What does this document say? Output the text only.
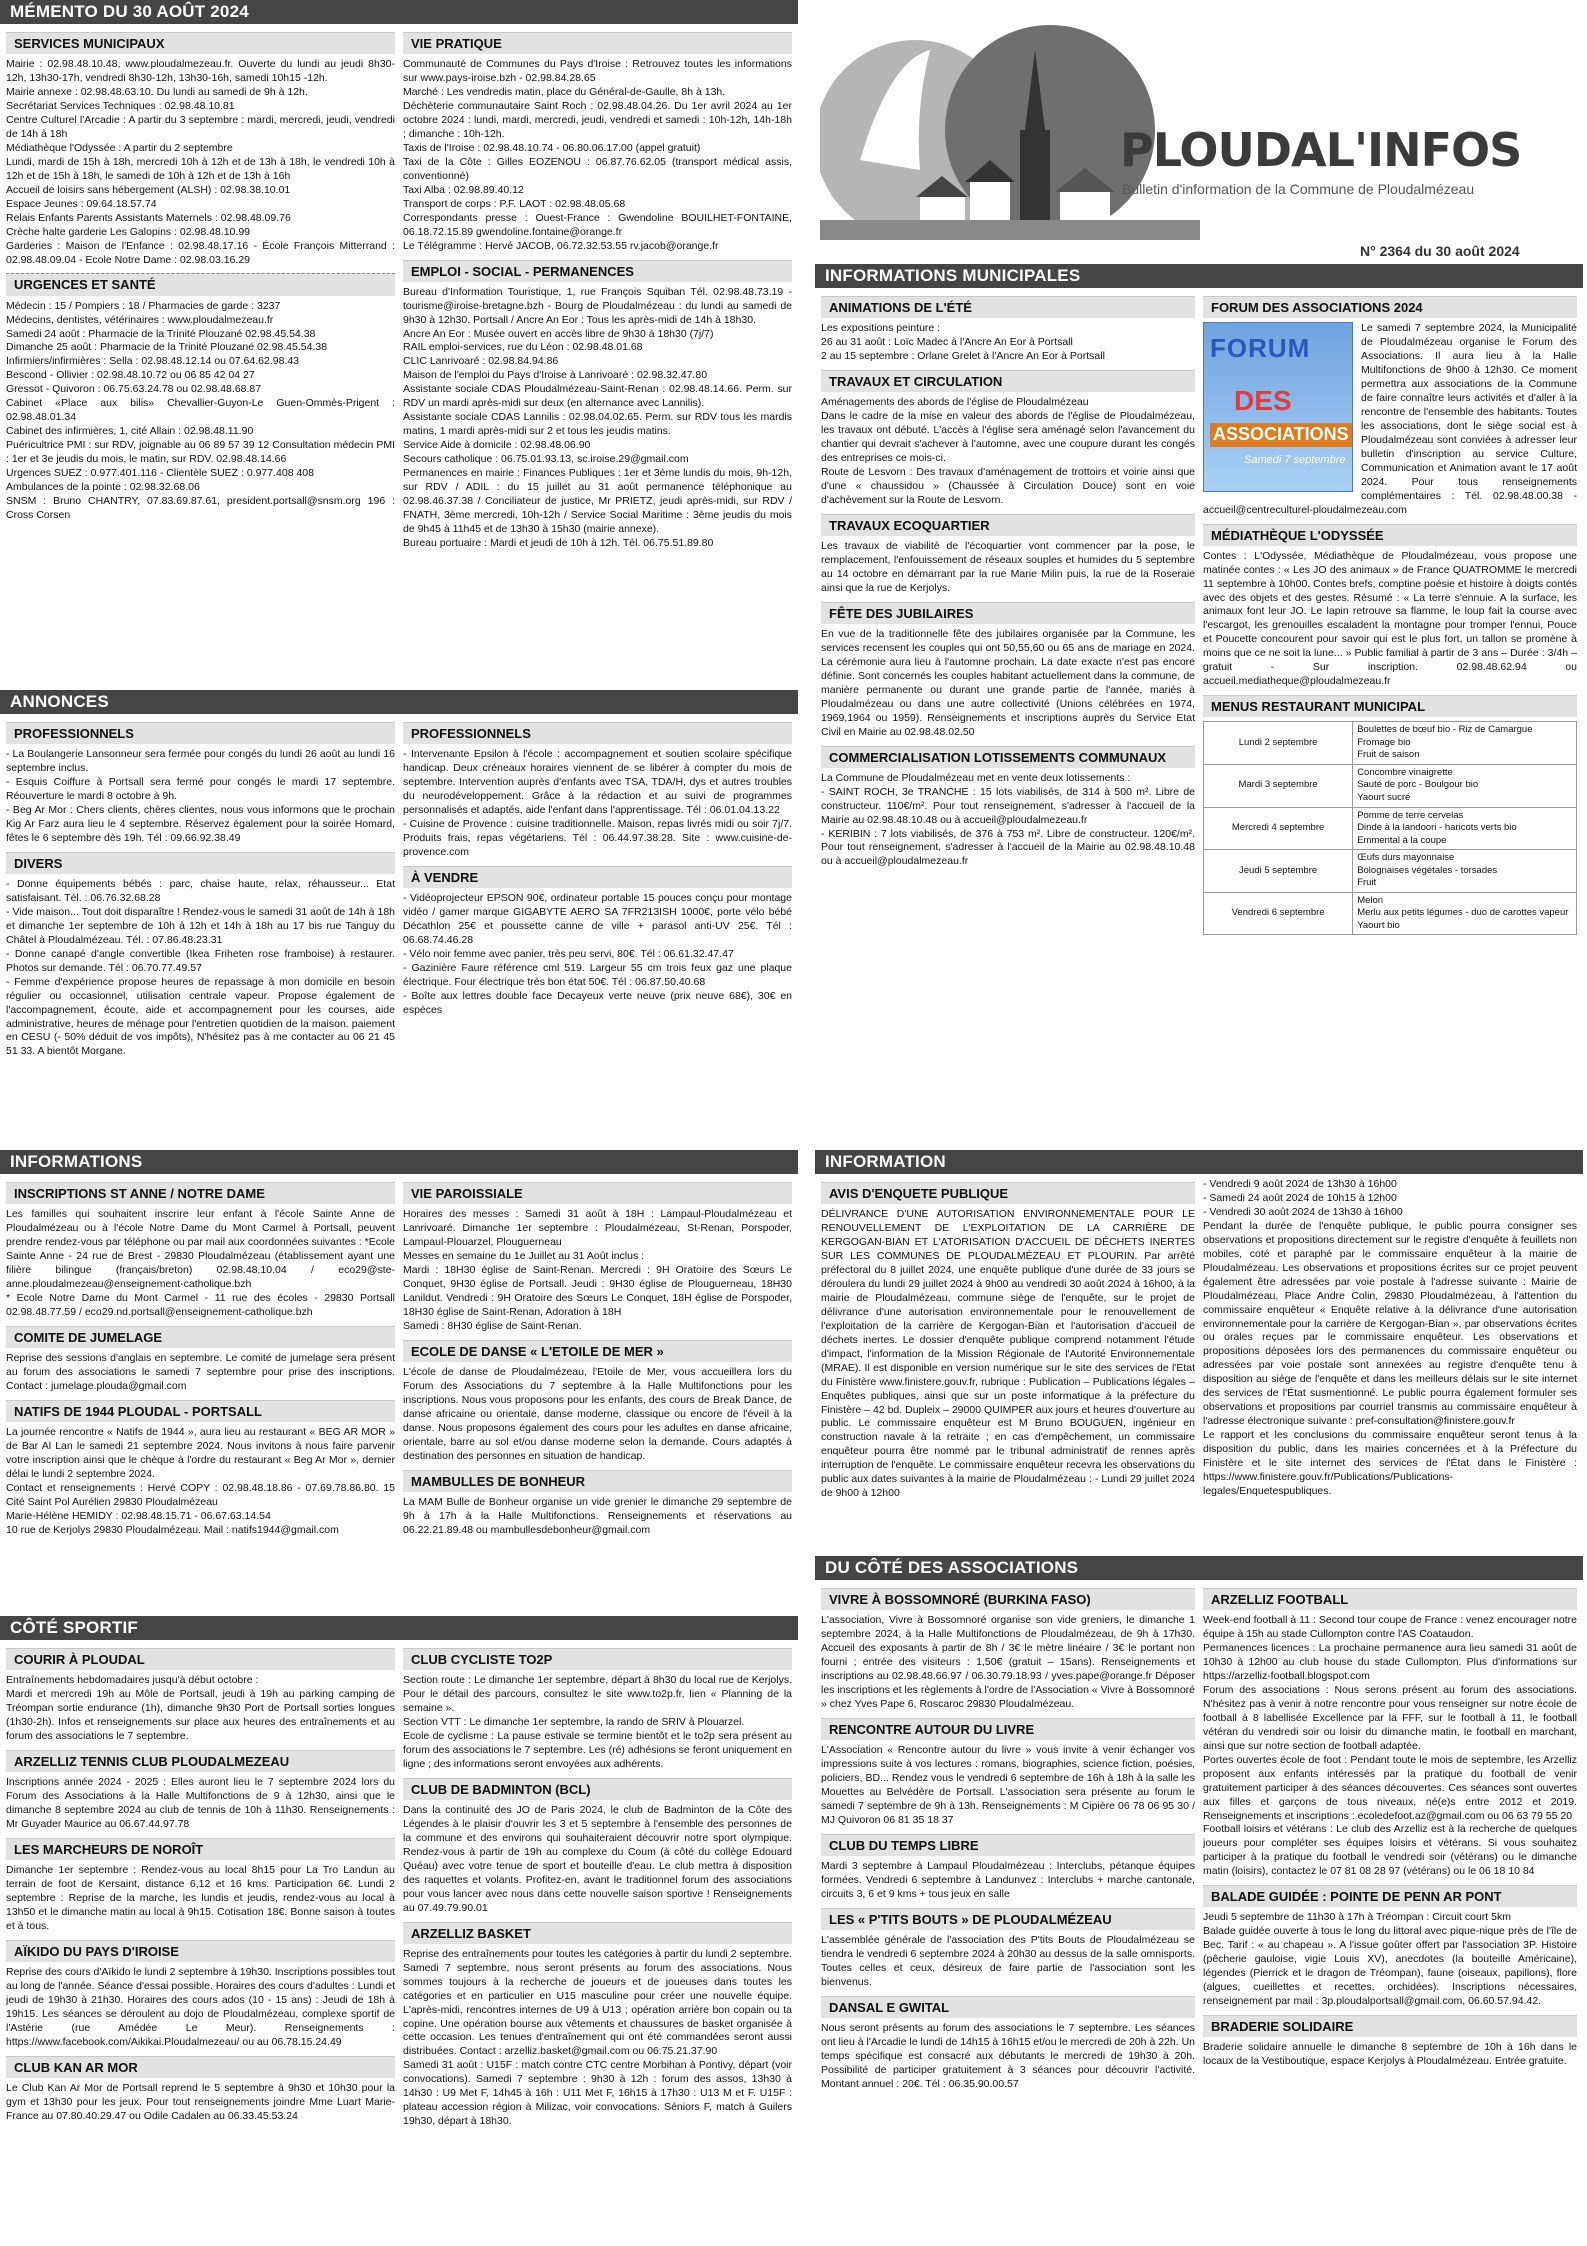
MÉMENTO DU 30 AOÛT 2024
SERVICES MUNICIPAUX
Mairie : 02.98.48.10.48, www.ploudalmezeau.fr. Ouverte du lundi au jeudi 8h30-12h, 13h30-17h, vendredi 8h30-12h, 13h30-16h, samedi 10h15 -12h.
Mairie annexe : 02.98.48.63.10. Du lundi au samedi de 9h à 12h.
Secrétariat Services Techniques : 02.98.48.10.81
Centre Culturel l'Arcadie : A partir du 3 septembre : mardi, mercredi, jeudi, vendredi de 14h à 18h
Médiathèque l'Odyssée : A partir du 2 septembre
Lundi, mardi de 15h à 18h, mercredi 10h à 12h et de 13h à 18h, le vendredi 10h à 12h et de 15h à 18h, le samedi de 10h à 12h et de 13h à 16h
Accueil de loisirs sans hébergement (ALSH) : 02.98.38.10.01
Espace Jeunes : 09.64.18.57.74
Relais Enfants Parents Assistants Maternels : 02.98.48.09.76
Crèche halte garderie Les Galopins : 02.98.48.10.99
Garderies : Maison de l'Enfance : 02.98.48.17.16 - École François Mitterrand : 02.98.48.09.04 - Ecole Notre Dame : 02.98.03.16.29
URGENCES ET SANTÉ
Médecin : 15 / Pompiers : 18 / Pharmacies de garde : 3237
Médecins, dentistes, vétérinaires : www.ploudalmezeau.fr
Samedi 24 août : Pharmacie de la Trinité Plouzané 02.98.45.54.38
Dimanche 25 août : Pharmacie de la Trinité Plouzané 02.98.45.54.38
Infirmiers/infirmières : Sella : 02.98.48.12.14 ou 07.64.62.98.43
Bescond - Ollivier : 02.98.48.10.72 ou 06 85 42 04 27
Gressot - Quivoron : 06.75.63.24.78 ou 02.98.48.68.87
Cabinet «Place aux bilis» Chevallier-Guyon-Le Guen-Ommès-Prigent : 02.98.48.01.34
Cabinet des infirmières, 1, cité Allain : 02.98.48.11.90
Puéricultrice PMI : sur RDV, joignable au 06 89 57 39 12 Consultation médecin PMI : 1er et 3e jeudis du mois, le matin, sur RDV. 02.98.48.14.66
Urgences SUEZ : 0.977.401.116 - Clientèle SUEZ : 0.977.408 408
Ambulances de la pointe : 02.98.32.68.06
SNSM : Bruno CHANTRY, 07.83.69.87.61, president.portsall@snsm.org 196 : Cross Corsen
VIE PRATIQUE
Communauté de Communes du Pays d'Iroise : Retrouvez toutes les informations sur www.pays-iroise.bzh - 02.98.84.28.65
Marché : Les vendredis matin, place du Général-de-Gaulle, 8h à 13h.
Déchèterie communautaire Saint Roch : 02.98.48.04.26. Du 1er avril 2024 au 1er octobre 2024 : lundi, mardi, mercredi, jeudi, vendredi et samedi : 10h-12h, 14h-18h ; dimanche : 10h-12h.
Taxis de l'Iroise : 02.98.48.10.74 - 06.80.06.17.00 (appel gratuit)
Taxi de la Côte : Gilles EOZENOU : 06.87.76.62.05 (transport médical assis, conventionné)
Taxi Alba : 02.98.89.40.12
Transport de corps : P.F. LAOT : 02.98.48.05.68
Correspondants presse : Ouest-France : Gwendoline BOUILHET-FONTAINE, 06.18.72.15.89 gwendoline.fontaine@orange.fr
Le Télégramme : Hervé JACOB, 06.72.32.53.55 rv.jacob@orange.fr
EMPLOI - SOCIAL - PERMANENCES
Bureau d'Information Touristique, 1, rue François Squiban Tél. 02.98.48.73.19 - tourisme@iroise-bretagne.bzh - Bourg de Ploudalmézeau : du lundi au samedi de 9h30 à 12h30. Portsall / Ancre An Eor : Tous les après-midi de 14h à 18h30.
Ancre An Eor : Musée ouvert en accès libre de 9h30 à 18h30 (7j/7)
RAIL emploi-services, rue du Léon : 02.98.48.01.68
CLIC Lanrivoaré : 02.98.84.94.86
Maison de l'emploi du Pays d'Iroise à Lanrivoaré : 02.98.32.47.80
Assistante sociale CDAS Ploudalmézeau-Saint-Renan : 02.98.48.14.66. Perm. sur RDV un mardi après-midi sur deux (en alternance avec Lannilis).
Assistante sociale CDAS Lannilis : 02.98.04.02.65. Perm. sur RDV tous les mardis matins, 1 mardi après-midi sur 2 et tous les jeudis matins.
Service Aide à domicile : 02.98.48.06.90
Secours catholique : 06.75.01.93.13, sc.iroise.29@gmail.com
Permanences en mairie : Finances Publiques : 1er et 3ème lundis du mois, 9h-12h, sur RDV / ADIL : du 15 juillet au 31 août permanence téléphonique au 02.98.46.37.38 / Conciliateur de justice, Mr PRIETZ, jeudi après-midi, sur RDV / FNATH, 3ème mercredi, 10h-12h / Service Social Maritime : 3ème jeudis du mois de 9h45 à 11h45 et de 13h30 à 15h30 (mairie annexe).
Bureau portuaire : Mardi et jeudi de 10h à 12h. Tél. 06.75.51.89.80
ANNONCES
PROFESSIONNELS
- La Boulangerie Lansonneur sera fermée pour congés du lundi 26 août au lundi 16 septembre inclus.
- Esquis Coiffure à Portsall sera fermé pour congés le mardi 17 septembre. Réouverture le mardi 8 octobre à 9h.
- Beg Ar Mor : Chers clients, chères clientes, nous vous informons que le prochain Kig Ar Farz aura lieu le 4 septembre. Réservez également pour la soirée Homard, fêtes le 6 septembre dès 19h. Tél : 09.66.92.38.49
DIVERS
- Donne équipements bébés : parc, chaise haute, relax, réhausseur... Etat satisfaisant. Tél. : 06.76.32.68.28
- Vide maison... Tout doit disparaître ! Rendez-vous le samedi 31 août de 14h à 18h et dimanche 1er septembre de 10h à 12h et 14h à 18h au 17 bis rue Tanguy du Châtel à Ploudalmézeau. Tél. : 07.86.48.23.31
- Donne canapé d'angle convertible (Ikea Friheten rose framboise) à restaurer. Photos sur demande. Tél : 06.70.77.49.57
- Femme d'expérience propose heures de repassage à mon domicile en besoin régulier ou occasionnel, utilisation centrale vapeur. Propose également de l'accompagnement, écoute, aide et accompagnement pour les courses, aide administrative, heures de ménage pour l'entretien quotidien de la maison. paiement en CESU (- 50% déduit de vos impôts), N'hésitez pas à me contacter au 06 21 45 51 33. A bientôt Morgane.
PROFESSIONNELS
- Intervenante Epsilon à l'école : accompagnement et soutien scolaire spécifique handicap. Deux créneaux horaires viennent de se libérer à compter du mois de septembre. Intervention auprès d'enfants avec TSA, TDA/H, dys et autres troubles du neurodéveloppement. Grâce à la rédaction et au suivi de programmes personnalisés et adaptés, aide l'enfant dans l'apprentissage. Tél : 06.01.04.13.22
- Cuisine de Provence : cuisine traditionnelle. Maison, repas livrés midi ou soir 7j/7. Produits frais, repas végétariens. Tél : 06.44.97.38.28. Site : www.cuisine-de-provence.com
À VENDRE
- Vidéoprojecteur EPSON 90€, ordinateur portable 15 pouces conçu pour montage vidéo / gamer marque GIGABYTE AERO SA 7FR213ISH 1000€, porte vélo bébé Décathlon 25€ et poussette canne de ville + parasol anti-UV 25€. Tél : 06.68.74.46.28
- Vélo noir femme avec panier, très peu servi, 80€. Tél : 06.61.32.47.47
- Gazinière Faure référence cml 519. Largeur 55 cm trois feux gaz une plaque électrique. Four électrique très bon état 50€. Tél : 06.87.50.40.68
- Boîte aux lettres double face Decayeux verte neuve (prix neuve 68€), 30€ en espèces
PLOUDAL'INFOS
Bulletin d'information de la Commune de Ploudalmézeau
N° 2364 du 30 août 2024
INFORMATIONS MUNICIPALES
ANIMATIONS DE L'ÉTÉ
Les expositions peinture :
26 au 31 août : Loïc Madec à l'Ancre An Eor à Portsall
2 au 15 septembre : Orlane Grelet à l'Ancre An Eor à Portsall
TRAVAUX ET CIRCULATION
Aménagements des abords de l'église de Ploudalmézeau
Dans le cadre de la mise en valeur des abords de l'église de Ploudalmézeau, les travaux ont débuté. L'accès à l'église sera aménagé selon l'avancement du chantier qui devrait s'achever à l'automne, avec une coupure durant les congés des entreprises ce mois-ci.
Route de Lesvorn : Des travaux d'aménagement de trottoirs et voirie ainsi que d'une « chaussidou » (Chaussée à Circulation Douce) sont en voie d'achèvement sur la Route de Lesvorn.
TRAVAUX ECOQUARTIER
Les travaux de viabilité de l'écoquartier vont commencer par la pose, le remplacement, l'enfouissement de réseaux souples et humides du 5 septembre au 14 octobre en démarrant par la rue Marie Milin puis, la rue de la Roseraie ainsi que la rue de Kerjolys.
FÊTE DES JUBILAIRES
En vue de la traditionnelle fête des jubilaires organisée par la Commune, les services recensent les couples qui ont 50,55,60 ou 65 ans de mariage en 2024. La cérémonie aura lieu à l'automne prochain. La date exacte n'est pas encore définie. Sont concernés les couples habitant actuellement dans la commune, de manière permanente ou durant une grande partie de l'année, mariés à Ploudalmézeau ou dans une autre collectivité (Unions célébrées en 1974, 1969,1964 ou 1959). Renseignements et inscriptions auprès du Service Etat Civil en Mairie au 02.98.48.02.50
COMMERCIALISATION LOTISSEMENTS COMMUNAUX
La Commune de Ploudalmézeau met en vente deux lotissements :
- SAINT ROCH, 3e TRANCHE : 15 lots viabilisés, de 314 à 500 m². Libre de constructeur. 110€/m². Pour tout renseignement, s'adresser à l'accueil de la Mairie au 02.98.48.10.48 ou à accueil@ploudalmezeau.fr
- KERIBIN : 7 lots viabilisés, de 376 à 753 m². Libre de constructeur. 120€/m². Pour tout renseignement, s'adresser à l'accueil de la Mairie au 02.98.48.10.48 ou à accueil@ploudalmezeau.fr
FORUM DES ASSOCIATIONS 2024
FORUM
DES
ASSOCIATIONS
Samedi 7 septembre
Le samedi 7 septembre 2024, la Municipalité de Ploudalmézeau organise le Forum des Associations. Il aura lieu à la Halle Multifonctions de 9h00 à 12h30. Ce moment permettra aux associations de la Commune de faire connaître leurs activités et d'aller à la rencontre de l'ensemble des habitants. Toutes les associations, dont le siège social est à Ploudalmézeau sont conviées à adresser leur bulletin d'inscription au service Culture, Communication et Animation avant le 17 août 2024. Pour tous renseignements complémentaires : Tél. 02.98.48.00.38 - accueil@centreculturel-ploudalmezeau.com
MÉDIATHÈQUE L'ODYSSÉE
Contes : L'Odyssée, Médiathèque de Ploudalmézeau, vous propose une matinée contes : « Les JO des animaux » de France QUATROMME le mercredi 11 septembre à 10h00. Contes brefs, comptine poésie et histoire à doigts contés avec des objets et des gestes. Résumé : « La terre s'ennuie. A la surface, les animaux font leur JO. Le lapin retrouve sa flamme, le loup fait la course avec l'escargot, les grenouilles escaladent la montagne pour tromper l'ennui, Pouce et Poucette concourent pour savoir qui est le plus fort, un tallon se promène à moins que ce ne soit la lune... » Public familial à partir de 3 ans – Durée : 3/4h – gratuit - Sur inscription. 02.98.48.62.94 ou accueil.mediatheque@ploudalmezeau.fr
MENUS RESTAURANT MUNICIPAL
Lundi 2 septembre	Boulettes de bœuf bio - Riz de Camargue
Fromage bio
Fruit de saison
Mardi 3 septembre	Concombre vinaigrette
Sauté de porc - Boulgour bio
Yaourt sucré
Mercredi 4 septembre	Pomme de terre cervelas
Dinde à la landoori - haricots verts bio
Emmental à la coupe
Jeudi 5 septembre	Œufs durs mayonnaise
Bolognaises végétales - torsades
Fruit
Vendredi 6 septembre	Melon
Merlu aux petits légumes - duo de carottes vapeur
Yaourt bio
INFORMATIONS
INSCRIPTIONS ST ANNE / NOTRE DAME
Les familles qui souhaitent inscrire leur enfant à l'école Sainte Anne de Ploudalmézeau ou à l'école Notre Dame du Mont Carmel à Portsall, peuvent prendre rendez-vous par téléphone ou par mail aux coordonnées suivantes : *Ecole Sainte Anne - 24 rue de Brest - 29830 Ploudalmézeau (établissement ayant une filière bilingue (français/breton) 02.98.48.10.04 / eco29@ste-anne.ploudalmezeau@enseignement-catholique.bzh
* Ecole Notre Dame du Mont Carmel - 11 rue des écoles - 29830 Portsall 02.98.48.77.59 / eco29.nd.portsall@enseignement-catholique.bzh
COMITE DE JUMELAGE
Reprise des sessions d'anglais en septembre. Le comité de jumelage sera présent au forum des associations le samedi 7 septembre pour prise des inscriptions. Contact : jumelage.plouda@gmail.com
NATIFS DE 1944 PLOUDAL - PORTSALL
La journée rencontre « Natifs de 1944 », aura lieu au restaurant « BEG AR MOR » de Bar Al Lan le samedi 21 septembre 2024. Nous invitons à nous faire parvenir votre inscription ainsi que le chèque à l'ordre du restaurant « Beg Ar Mor », dernier délai le lundi 2 septembre 2024.
Contact et renseignements : Hervé COPY : 02.98.48.18.86 - 07.69.78.86.80. 15 Cité Saint Pol Aurélien 29830 Ploudalmézeau
Marie-Hélène HEMIDY : 02.98.48.15.71 - 06.67.63.14.54
10 rue de Kerjolys 29830 Ploudalmézeau. Mail : natifs1944@gmail.com
VIE PAROISSIALE
Horaires des messes : Samedi 31 août à 18H : Lampaul-Ploudalmézeau et Lanrivoaré. Dimanche 1er septembre : Ploudalmézeau, St-Renan, Porspoder, Lampaul-Plouarzel, Plouguerneau
Messes en semaine du 1e Juillet au 31 Août inclus :
Mardi : 18H30 église de Saint-Renan. Mercredi : 9H Oratoire des Sœurs Le Conquet, 9H30 église de Portsall. Jeudi : 9H30 église de Plouguerneau, 18H30 Lanildut. Vendredi : 9H Oratoire des Sœurs Le Conquet, 18H église de Porspoder, 18H30 église de Saint-Renan, Adoration à 18H
Samedi : 8H30 église de Saint-Renan.
ECOLE DE DANSE « L'ETOILE DE MER »
L'école de danse de Ploudalmézeau, l'Etoile de Mer, vous accueillera lors du Forum des Associations du 7 septembre à la Halle Multifonctions pour les inscriptions. Nous vous proposons pour les enfants, des cours de Break Dance, de danse africaine ou orientale, danse moderne, classique ou encore de l'éveil à la danse. Nous proposons également des cours pour les adultes en danse africaine, orientale, barre au sol et/ou danse moderne selon la demande. Cours adaptés à destination des personnes en situation de handicap.
MAMBULLES DE BONHEUR
La MAM Bulle de Bonheur organise un vide grenier le dimanche 29 septembre de 9h à 17h à la Halle Multifonctions. Renseignements et réservations au 06.22.21.89.48 ou mambullesdebonheur@gmail.com
CÔTÉ SPORTIF
COURIR À PLOUDAL
Entraînements hebdomadaires jusqu'à début octobre :
Mardi et mercredi 19h au Môle de Portsall, jeudi à 19h au parking camping de Tréompan sortie endurance (1h), dimanche 9h30 Port de Portsall sorties longues (1h30-2h). Infos et renseignements sur place aux heures des entraînements et au forum des associations le 7 septembre.
ARZELLIZ TENNIS CLUB PLOUDALMEZEAU
Inscriptions année 2024 - 2025 : Elles auront lieu le 7 septembre 2024 lors du Forum des Associations à la Halle Multifonctions de 9 à 12h30, ainsi que le dimanche 8 septembre 2024 au club de tennis de 10h à 11h30. Renseignements : Mr Guyader Maurice au 06.67.44.97.78
LES MARCHEURS DE NOROÎT
Dimanche 1er septembre : Rendez-vous au local 8h15 pour La Tro Landun au terrain de foot de Kersaint, distance 6,12 et 16 kms. Participation 6€. Lundi 2 septembre : Reprise de la marche, les lundis et jeudis, rendez-vous au local à 13h50 et le dimanche matin au local à 9h15. Cotisation 18€. Bonne saison à toutes et à tous.
AÏKIDO DU PAYS D'IROISE
Reprise des cours d'Aïkido le lundi 2 septembre à 19h30. Inscriptions possibles tout au long de l'année. Séance d'essai possible. Horaires des cours d'adultes : Lundi et jeudi de 19h30 à 21h30. Horaires des cours ados (10 - 15 ans) : Jeudi de 18h à 19h15. Les séances se déroulent au dojo de Ploudalmézeau, complexe sportif de l'Astérie (rue Amédée Le Meur). Renseignements : https://www.facebook.com/Aikikai.Ploudalmezeau/ ou au 06.78.15.24.49
CLUB KAN AR MOR
Le Club Kan Ar Mor de Portsall reprend le 5 septembre à 9h30 et 10h30 pour la gym et 13h30 pour les jeux. Pour tout renseignements joindre Mme Luart Marie-France au 07.80.40.29.47 ou Odile Cadalen au 06.33.45.53.24
CLUB CYCLISTE TO2P
Section route : Le dimanche 1er septembre, départ à 8h30 du local rue de Kerjolys. Pour le détail des parcours, consultez le site www.to2p.fr, lien « Planning de la semaine ».
Section VTT : Le dimanche 1er septembre, la rando de SRIV à Plouarzel.
Ecole de cyclisme : La pause estivale se termine bientôt et le to2p sera présent au forum des associations le 7 septembre. Les (ré) adhésions se feront uniquement en ligne ; des informations seront envoyées aux adhérents.
CLUB DE BADMINTON (BCL)
Dans la continuité des JO de Paris 2024, le club de Badminton de la Côte des Légendes à le plaisir d'ouvrir les 3 et 5 septembre à l'ensemble des personnes de la commune et des environs qui souhaiteraient découvrir notre sport olympique. Rendez-vous à partir de 19h au complexe du Coum (à côté du collège Edouard Quéau) avec votre tenue de sport et bouteille d'eau. Le club mettra à disposition des raquettes et volants. Profitez-en, avant le traditionnel forum des associations pour vous lancer avec nous dans cette nouvelle saison sportive ! Renseignements au 07.49.79.90.01
ARZELLIZ BASKET
Reprise des entraînements pour toutes les catégories à partir du lundi 2 septembre. Samedi 7 septembre, nous seront présents au forum des associations. Nous sommes toujours à la recherche de joueurs et de joueuses dans toutes les catégories et en particulier en U15 masculine pour créer une nouvelle équipe. L'après-midi, rencontres internes de U9 à U13 ; opération arrière bon copain ou ta copine. Une opération bourse aux vêtements et chaussures de basket organisée à cette occasion. Les tenues d'entraînement qui ont été commandées seront aussi distribuées. Contact : arzelliz.basket@gmail.com ou 06.75.21.37.90
Samedi 31 août : U15F : match contre CTC centre Morbihan à Pontivy, départ (voir convocations). Samedi 7 septembre : 9h30 à 12h : forum des assos, 13h30 à 14h30 : U9 Met F, 14h45 à 16h : U11 Met F, 16h15 à 17h30 : U13 M et F. U15F : plateau accession région à Milizac, voir convocations. Séniors F, match à Guilers 19h30, départ à 18h30.
INFORMATION
AVIS D'ENQUETE PUBLIQUE
DÉLIVRANCE D'UNE AUTORISATION ENVIRONNEMENTALE POUR LE RENOUVELLEMENT DE L'EXPLOITATION DE LA CARRIÈRE DE KERGOGAN-BIAN ET L'ATORISATION D'ACCUEIL DE DÉCHETS INERTES SUR LES COMMUNES DE PLOUDALMÉZEAU ET PLOURIN. Par arrêté préfectoral du 8 juillet 2024, une enquête publique d'une durée de 33 jours se déroulera du lundi 29 juillet 2024 à 9h00 au vendredi 30 août 2024 à 16h00, à la mairie de Ploudalmézeau, commune siège de l'enquête, sur le projet de délivrance d'une autorisation environnementale pour le renouvellement de l'exploitation de la carrière de Kergogan-Bian et l'autorisation d'accueil de déchets inertes. Le dossier d'enquête publique comprend notamment l'étude d'impact, l'information de la Mission Régionale de l'Autorité Environnementale (MRAE). Il est disponible en version numérique sur le site des services de l'Etat du Finistère www.finistere.gouv.fr, rubrique : Publication – Publications légales – Enquêtes publiques, ainsi que sur un poste informatique à la préfecture du Finistère – 42 bd. Dupleix – 29000 QUIMPER aux jours et heures d'ouverture au public. Le commissaire enquêteur est M Bruno BOUGUEN, ingénieur en construction navale à la retraite ; en cas d'empêchement, un commissaire enquêteur pourra être nommé par le tribunal administratif de rennes après interruption de l'enquête. Le commissaire enquêteur recevra les observations du public aux dates suivantes à la mairie de Ploudalmézeau : - Lundi 29 juillet 2024 de 9h00 à 12h00
- Vendredi 9 août 2024 de 13h30 à 16h00
- Samedi 24 août 2024 de 10h15 à 12h00
- Vendredi 30 août 2024 de 13h30 à 16h00
Pendant la durée de l'enquête publique, le public pourra consigner ses observations et propositions directement sur le registre d'enquête à feuillets non mobiles, coté et paraphé par le commissaire enquêteur à la mairie de Ploudalmézeau. Les observations et propositions écrites sur ce projet peuvent également être adressées par voie postale à l'adresse suivante : Mairie de Ploudalmézeau, Place Andre Colin, 29830 Ploudalmézeau, à l'attention du commissaire enquêteur « Enquête relative à la délivrance d'une autorisation environnementale pour la carrière de Kergogan-Bian », par observations écrites ou orales reçues par le commissaire enquêteur. Les observations et propositions déposées lors des permanences du commissaire enquêteur ou adressées par voie postale sont annexées au registre d'enquête tenu à disposition au siège de l'enquête et dans les meilleurs délais sur le site internet des services de l'État susmentionné. Le public pourra également formuler ses observations et propositions par courriel transmis au commissaire enquêteur à l'adresse électronique suivante : pref-consultation@finistere.gouv.fr
Le rapport et les conclusions du commissaire enquêteur seront tenus à la disposition du public, dans les mairies concernées et à la Préfecture du Finistère et le site internet des services de l'État dans le Finistère : https://www.finistere.gouv.fr/Publications/Publications-legales/Enquetespubliques.
DU CÔTÉ DES ASSOCIATIONS
VIVRE À BOSSOMNORÉ (BURKINA FASO)
L'association, Vivre à Bossomnoré organise son vide greniers, le dimanche 1 septembre 2024, à la Halle Multifonctions de Ploudalmézeau, de 9h à 17h30. Accueil des exposants à partir de 8h / 3€ le mètre linéaire / 3€ le portant non fourni ; entrée des visiteurs : 1,50€ (gratuit – 15ans). Renseignements et inscriptions au 02.98.48.66.97 / 06.30.79.18.93 / yves.pape@orange.fr Déposer les inscriptions et les règlements à l'ordre de l'Association « Vivre à Bossomnoré » chez Yves Pape 6, Roscaroc 29830 Ploudalmézeau.
RENCONTRE AUTOUR DU LIVRE
L'Association « Rencontre autour du livre » vous invite à venir échanger vos impressions suite à vos lectures : romans, biographies, science fiction, poésies, policiers, BD... Rendez vous le vendredi 6 septembre de 16h à 18h à la salle les Mouettes au Belvédère de Portsall. L'association sera présente au forum le samedi 7 septembre de 9h à 13h. Renseignements : M Cipière 06 78 06 95 30 / MJ Quivoron 06 81 35 18 37
CLUB DU TEMPS LIBRE
Mardi 3 septembre à Lampaul Ploudalmézeau : Interclubs, pétanque équipes formées. Vendredi 6 septembre à Landunvez : Interclubs + marche cantonale, circuits 3, 6 et 9 kms + tous jeux en salle
LES « P'TITS BOUTS » DE PLOUDALMÉZEAU
L'assemblée générale de l'association des P'tits Bouts de Ploudalmézeau se tiendra le vendredi 6 septembre 2024 à 20h30 au dessus de la salle omnisports. Toutes celles et ceux, désireux de faire partie de l'association sont les bienvenus.
DANSAL E GWITAL
Nous seront présents au forum des associations le 7 septembre. Les séances ont lieu à l'Arcadie le lundi de 14h15 à 16h15 et/ou le mercredi de 20h à 22h. Un temps spécifique est consacré aux débutants le mercredi de 19h30 à 20h. Possibilité de participer gratuitement à 3 séances pour découvrir l'activité. Montant annuel : 20€. Tél : 06.35.90.00.57
ARZELLIZ FOOTBALL
Week-end football à 11 : Second tour coupe de France : venez encourager notre équipe à 15h au stade Cullompton contre l'AS Coataudon.
Permanences licences : La prochaine permanence aura lieu samedi 31 août de 10h30 à 12h00 au club house du stade Cullompton. Plus d'informations sur https://arzelliz-football.blogspot.com
Forum des associations : Nous serons présent au forum des associations. N'hésitez pas à venir à notre rencontre pour vous renseigner sur notre école de football à 8 labellisée Excellence par la FFF, sur le football à 11, le football vétéran du vendredi soir ou loisir du dimanche matin, le football en marchant, ainsi que sur notre section de football adaptée.
Portes ouvertes école de foot : Pendant toute le mois de septembre, les Arzelliz proposent aux enfants intéressés par la pratique du football de venir gratuitement participer à des séances découvertes. Ces séances sont ouvertes aux filles et garçons de tous niveaux, né(e)s entre 2012 et 2019. Renseignements et inscriptions : ecoledefoot.az@gmail.com ou 06 63 79 55 20
Football loisirs et vétérans : Le club des Arzelliz est à la recherche de quelques joueurs pour compléter ses équipes loisirs et vétérans. Si vous souhaitez participer à la pratique du football le vendredi soir (vétérans) ou le dimanche matin (loisirs), contactez le 07 81 08 28 97 (vétérans) ou le 06 18 10 84
BALADE GUIDÉE : POINTE DE PENN AR PONT
Jeudi 5 septembre de 11h30 à 17h à Tréompan : Circuit court 5km
Balade guidée ouverte à tous le long du littoral avec pique-nique près de l'île de Bec. Tarif : « au chapeau ». A l'issue goûter offert par l'association 3P. Histoire (pêcherie gauloise, vigie Louis XV), anecdotes (la bouteille Américaine), légendes (Pierrick et le dragon de Tréompan), faune (oiseaux, papillons), flore (algues, cueillettes et recettes, orchidées). Inscriptions nécessaires, renseignement par mail : 3p.ploudalportsall@gmail.com, 06.60.57.94.42.
BRADERIE SOLIDAIRE
Braderie solidaire annuelle le dimanche 8 septembre de 10h à 16h dans le locaux de la Vestiboutique, espace Kerjolys à Ploudalmézeau. Entrée gratuite.
